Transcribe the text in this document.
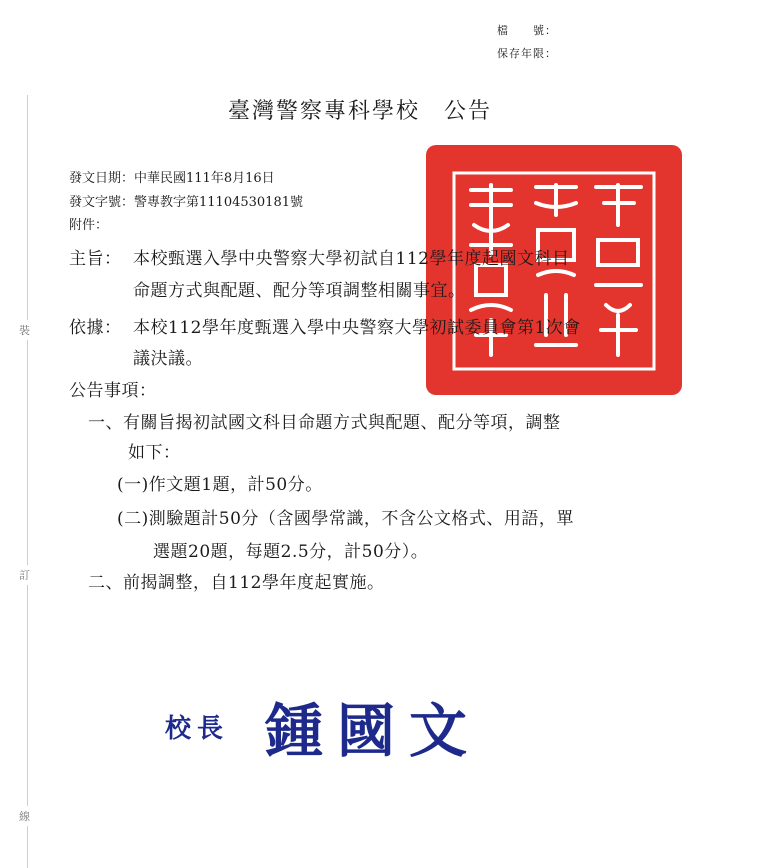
檔　　號：
保存年限：
裝
訂
線
臺灣警察專科學校　公告
發文日期：中華民國111年8月16日
發文字號：警專教字第11104530181號
附件：
主旨： 本校甄選入學中央警察大學初試自112學年度起國文科目
命題方式與配題、配分等項調整相關事宜。
依據： 本校112學年度甄選入學中央警察大學初試委員會第1次會
議決議。
公告事項：
一、有關旨揭初試國文科目命題方式與配題、配分等項，調整
如下：
(一)作文題1題，計50分。
(二)測驗題計50分（含國學常識，不含公文格式、用語，單
選題20題，每題2.5分，計50分）。
二、前揭調整，自112學年度起實施。
校長 鍾國文
